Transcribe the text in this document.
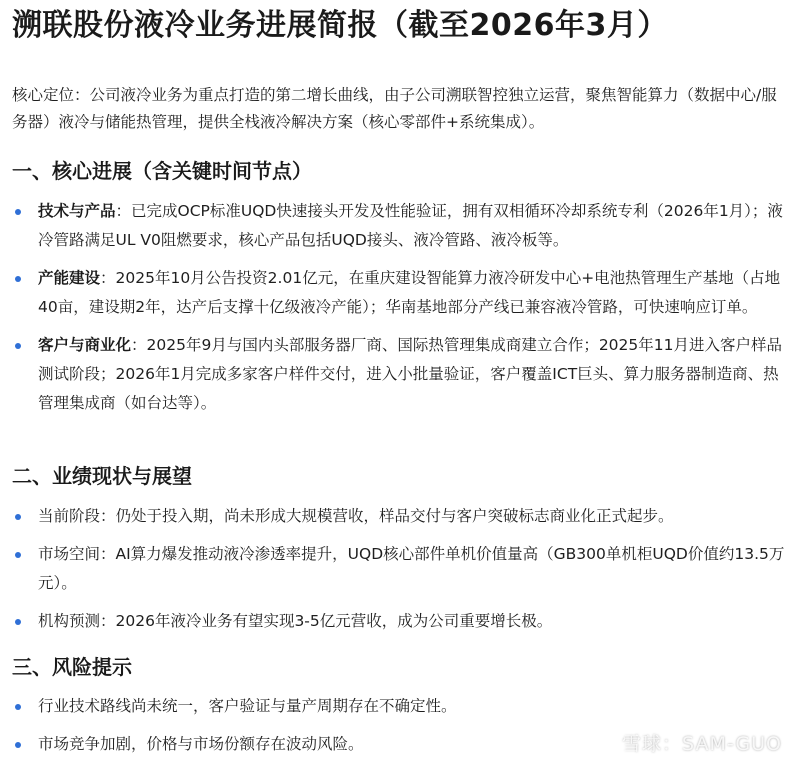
溯联股份液冷业务进展简报（截至2026年3月）

核心定位：公司液冷业务为重点打造的第二增长曲线，由子公司溯联智控独立运营，聚焦智能算力（数据中心/服务器）液冷与储能热管理，提供全栈液冷解决方案（核心零部件+系统集成）。

一、核心进展（含关键时间节点）
技术与产品：已完成OCP标准UQD快速接头开发及性能验证，拥有双相循环冷却系统专利（2026年1月）；液冷管路满足UL V0阻燃要求，核心产品包括UQD接头、液冷管路、液冷板等。
产能建设：2025年10月公告投资2.01亿元，在重庆建设智能算力液冷研发中心+电池热管理生产基地（占地40亩，建设期2年，达产后支撑十亿级液冷产能）；华南基地部分产线已兼容液冷管路，可快速响应订单。
客户与商业化：2025年9月与国内头部服务器厂商、国际热管理集成商建立合作；2025年11月进入客户样品测试阶段；2026年1月完成多家客户样件交付，进入小批量验证，客户覆盖ICT巨头、算力服务器制造商、热管理集成商（如台达等）。
二、业绩现状与展望
当前阶段：仍处于投入期，尚未形成大规模营收，样品交付与客户突破标志商业化正式起步。
市场空间：AI算力爆发推动液冷渗透率提升，UQD核心部件单机价值量高（GB300单机柜UQD价值约13.5万元）。
机构预测：2026年液冷业务有望实现3-5亿元营收，成为公司重要增长极。
三、风险提示
行业技术路线尚未统一，客户验证与量产周期存在不确定性。
市场竞争加剧，价格与市场份额存在波动风险。	雪球：SAM-GUO
